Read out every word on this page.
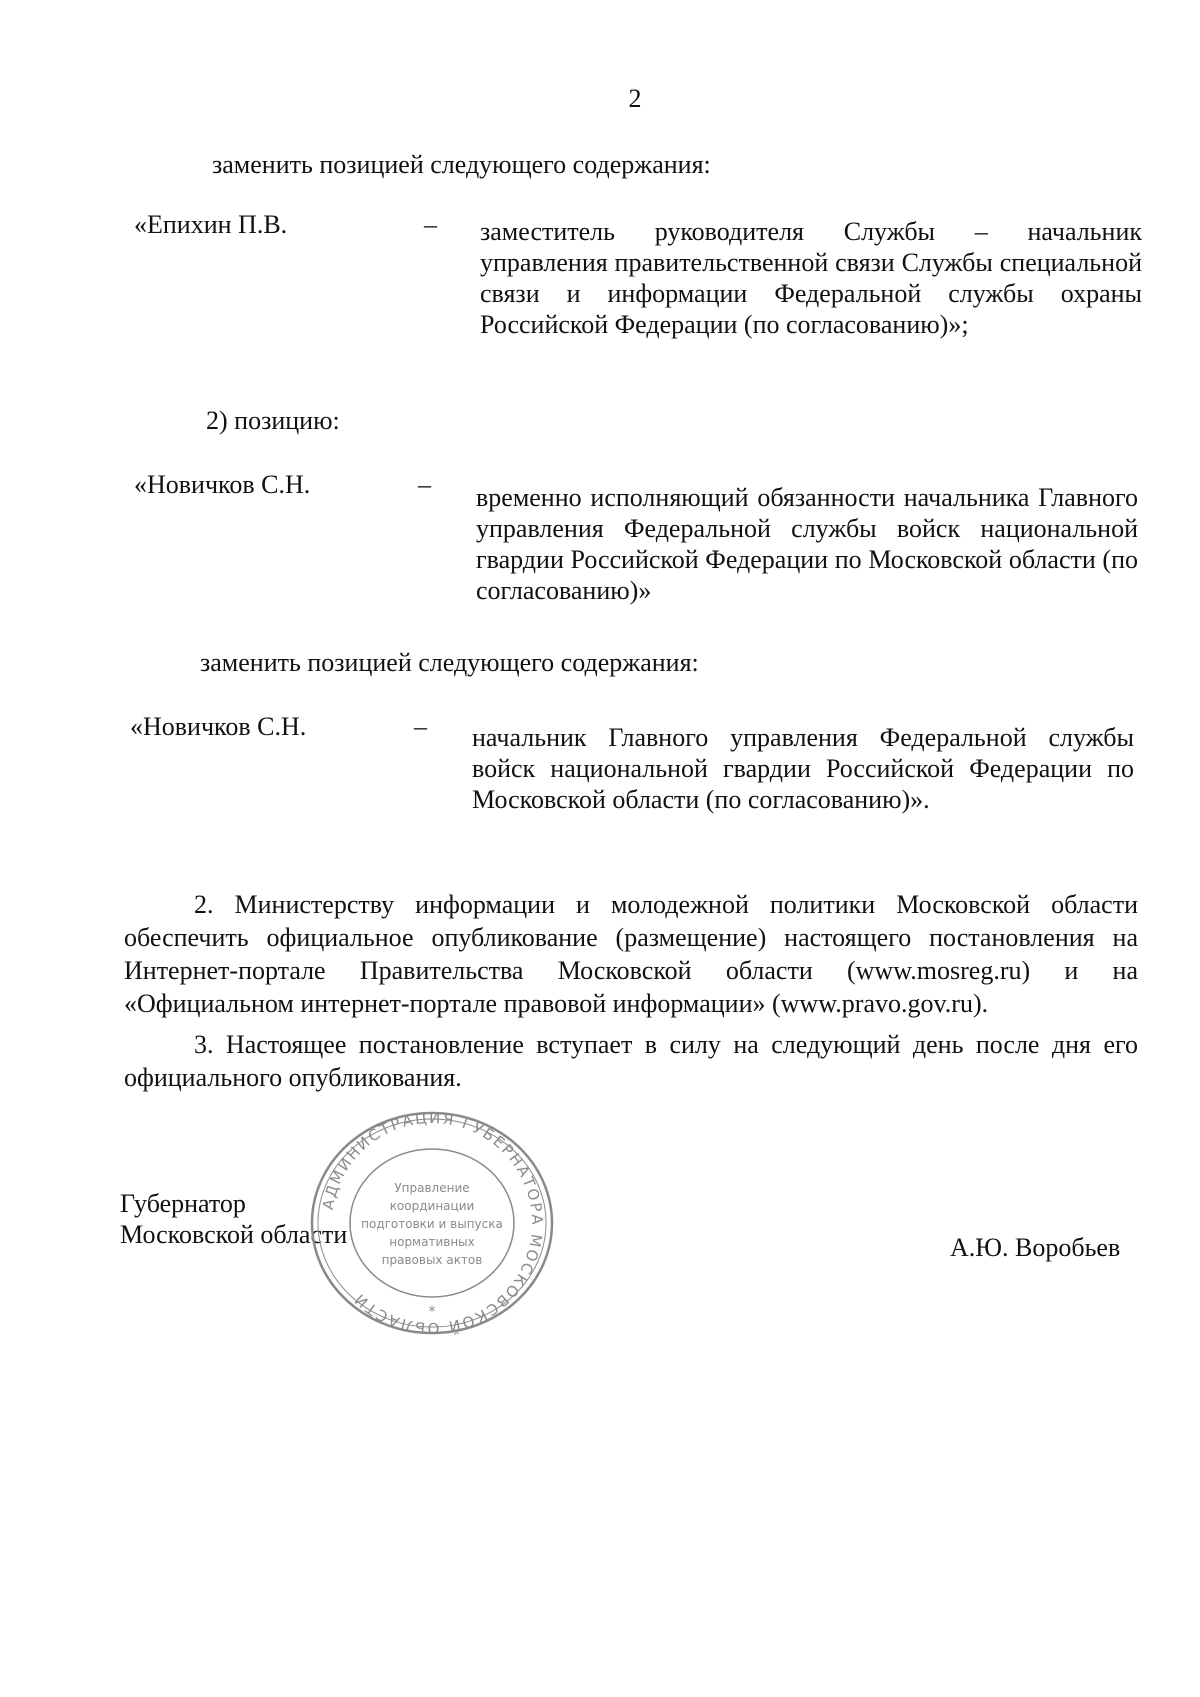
2
заменить позицией следующего содержания:
«Епихин П.В.	– заместитель руководителя Службы – начальник управления правительственной связи Службы специальной связи и информации Федеральной службы охраны Российской Федерации (по согласованию)»;
2) позицию:
«Новичков С.Н.	– временно исполняющий обязанности начальника Главного управления Федеральной службы войск национальной гвардии Российской Федерации по Московской области (по согласованию)»
заменить позицией следующего содержания:
«Новичков С.Н.	– начальник Главного управления Федеральной службы войск национальной гвардии Российской Федерации по Московской области (по согласованию)».
2. Министерству информации и молодежной политики Московской области обеспечить официальное опубликование (размещение) настоящего постановления на Интернет-портале Правительства Московской области (www.mosreg.ru) и на «Официальном интернет-портале правовой информации» (www.pravo.gov.ru).
3. Настоящее постановление вступает в силу на следующий день после дня его официального опубликования.
Губернатор
Московской области	А.Ю. Воробьев
АДМИНИСТРАЦИЯ ГУБЕРНАТОРА МОСКОВСКОЙ ОБЛАСТИ
Управление
координации
подготовки и выпуска
нормативных
правовых актов
*
